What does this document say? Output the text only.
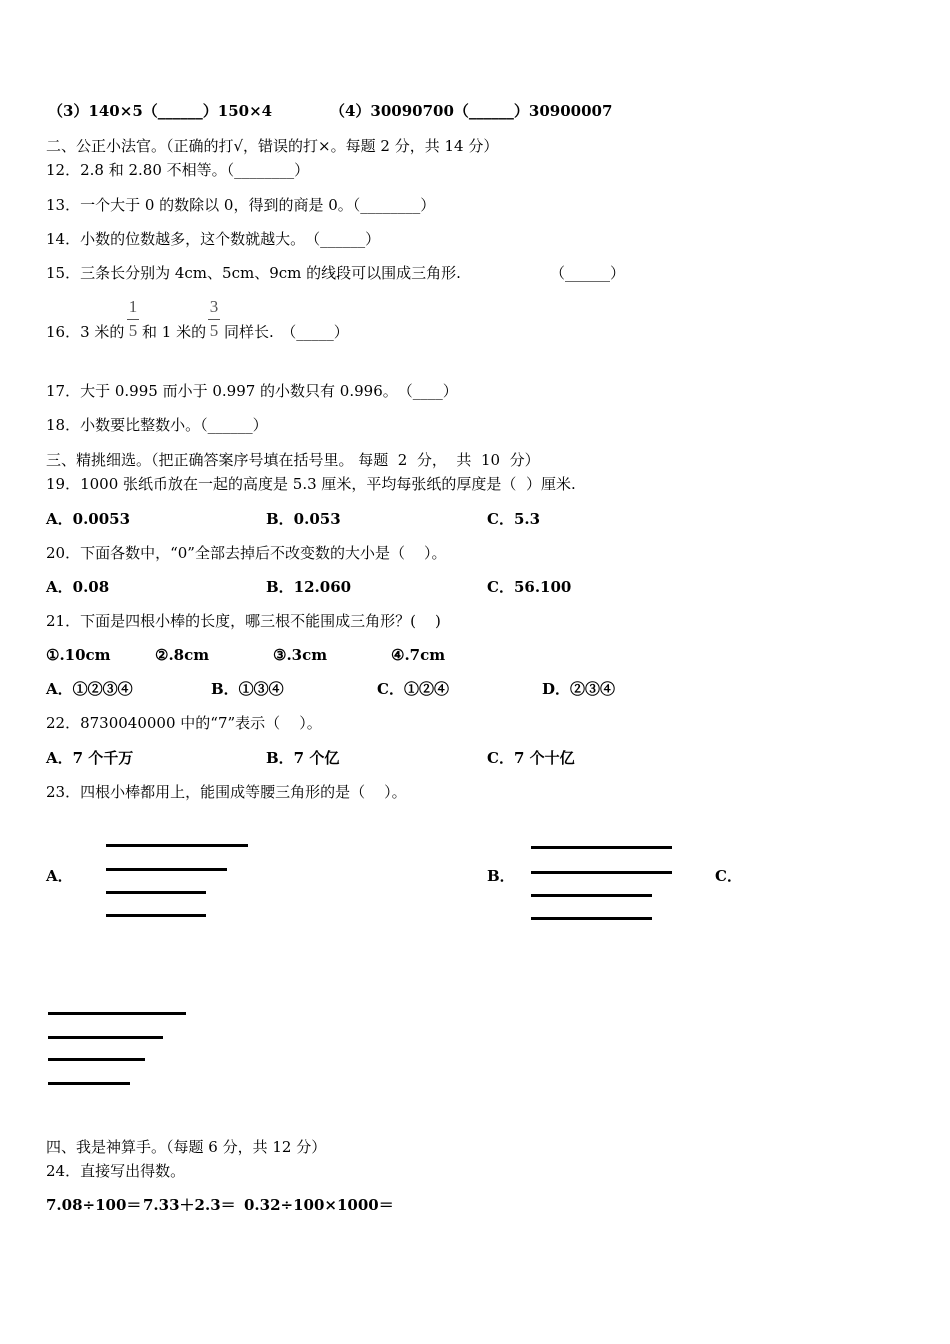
（3）140×5（______）150×4	（4）30090700（______）30900007
二、公正小法官。（正确的打√，错误的打×。每题 2 分，共 14 分）
12．2.8 和 2.80 不相等。（________）
13．一个大于 0 的数除以 0，得到的商是 0。（________）
14．小数的位数越多，这个数就越大。　（______）
15．三条长分别为 4cm、5cm、9cm 的线段可以围成三角形.	（______）
16．3 米的
1
5 和 1 米的
3
5 同样长.　（_____）
17．大于 0.995 而小于 0.997 的小数只有 0.996。　（____）
18．小数要比整数小。（______）
三、精挑细选。（把正确答案序号填在括号里。 每题  2  分，  共  10  分）
19．1000 张纸币放在一起的高度是 5.3 厘米，平均每张纸的厚度是（  ）厘米.
A．0.0053	B．0.053	C．5.3
20．下面各数中，“0”全部去掉后不改变数的大小是（    ）。
A．0.08	B．12.060	C．56.100
21．下面是四根小棒的长度，哪三根不能围成三角形？(    )
①.10cm	②.8cm	③.3cm	④.7cm
A．①②③④	B．①③④	C．①②④	D．②③④
22．8730040000 中的“7”表示（    ）。
A．7 个千万	B．7 个亿	C．7 个十亿
23．四根小棒都用上，能围成等腰三角形的是（    ）。
A．	B．	C．
四、我是神算手。（每题 6 分，共 12 分）
24．直接写出得数。
7.08÷100＝ 7.33＋2.3＝ 0.32÷100×1000＝
